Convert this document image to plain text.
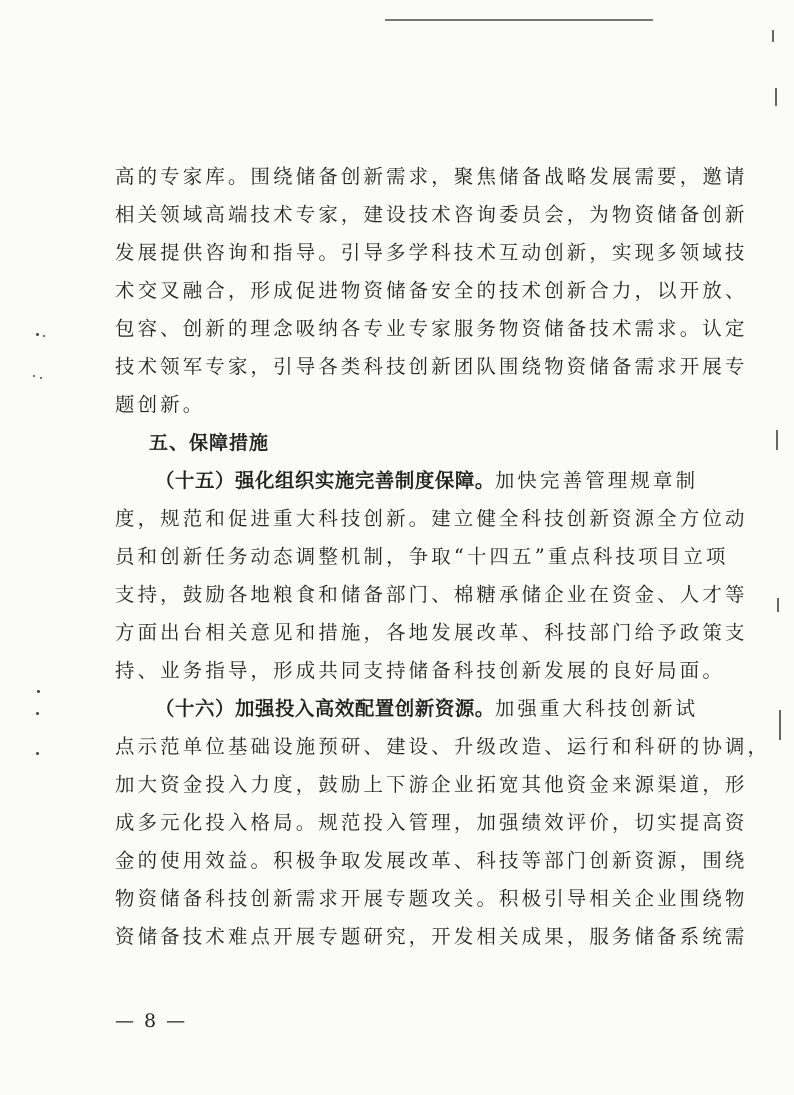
高的专家库。围绕储备创新需求，聚焦储备战略发展需要，邀请
相关领域高端技术专家，建设技术咨询委员会，为物资储备创新
发展提供咨询和指导。引导多学科技术互动创新，实现多领域技
术交叉融合，形成促进物资储备安全的技术创新合力，以开放、
包容、创新的理念吸纳各专业专家服务物资储备技术需求。认定
技术领军专家，引导各类科技创新团队围绕物资储备需求开展专
题创新。
五、保障措施
（十五）强化组织实施完善制度保障。加快完善管理规章制
度，规范和促进重大科技创新。建立健全科技创新资源全方位动
员和创新任务动态调整机制，争取“十四五”重点科技项目立项
支持，鼓励各地粮食和储备部门、棉糖承储企业在资金、人才等
方面出台相关意见和措施，各地发展改革、科技部门给予政策支
持、业务指导，形成共同支持储备科技创新发展的良好局面。
（十六）加强投入高效配置创新资源。加强重大科技创新试
点示范单位基础设施预研、建设、升级改造、运行和科研的协调，
加大资金投入力度，鼓励上下游企业拓宽其他资金来源渠道，形
成多元化投入格局。规范投入管理，加强绩效评价，切实提高资
金的使用效益。积极争取发展改革、科技等部门创新资源，围绕
物资储备科技创新需求开展专题攻关。积极引导相关企业围绕物
资储备技术难点开展专题研究，开发相关成果，服务储备系统需
— 8 —
